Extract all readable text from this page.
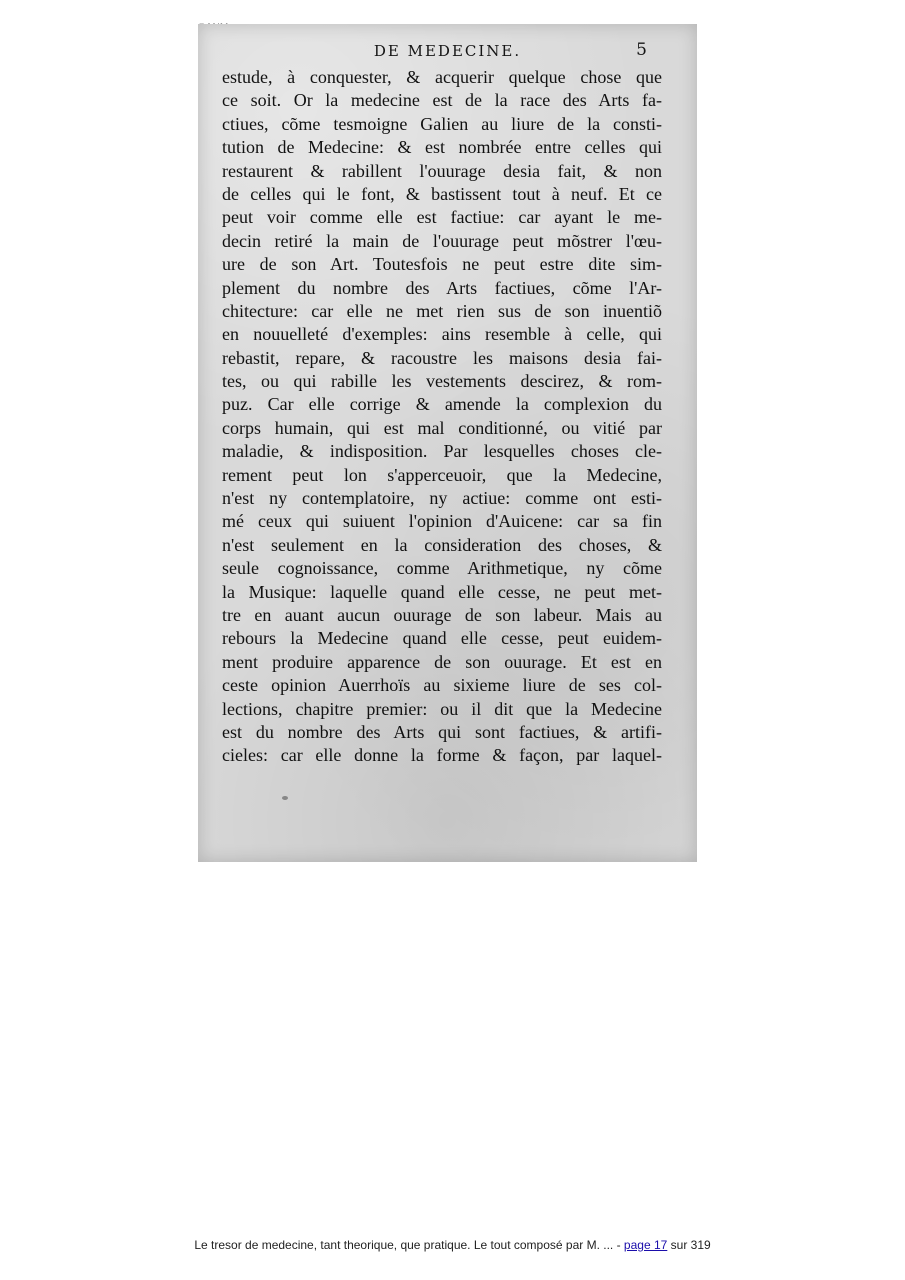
DE MEDECINE.	5
estude, à conquester, & acquerir quelque chose que
ce soit. Or la medecine est de la race des Arts fa-
ctiues, cõme tesmoigne Galien au liure de la consti-
tution de Medecine: & est nombrée entre celles qui
restaurent & rabillent l'ouurage desia fait, & non
de celles qui le font, & bastissent tout à neuf. Et ce
peut voir comme elle est factiue: car ayant le me-
decin retiré la main de l'ouurage peut mõstrer l'œu-
ure de son Art. Toutesfois ne peut estre dite sim-
plement du nombre des Arts factiues, cõme l'Ar-
chitecture: car elle ne met rien sus de son inuentiõ
en nouuelleté d'exemples: ains resemble à celle, qui
rebastit, repare, & racoustre les maisons desia fai-
tes, ou qui rabille les vestements descirez, & rom-
puz. Car elle corrige & amende la complexion du
corps humain, qui est mal conditionné, ou vitié par
maladie, & indisposition. Par lesquelles choses cle-
rement peut lon s'apperceuoir, que la Medecine,
n'est ny contemplatoire, ny actiue: comme ont esti-
mé ceux qui suiuent l'opinion d'Auicene: car sa fin
n'est seulement en la consideration des choses, &
seule cognoissance, comme Arithmetique, ny cõme
la Musique: laquelle quand elle cesse, ne peut met-
tre en auant aucun ouurage de son labeur. Mais au
rebours la Medecine quand elle cesse, peut euidem-
ment produire apparence de son ouurage. Et est en
ceste opinion Auerrhoïs au sixieme liure de ses col-
lections, chapitre premier: ou il dit que la Medecine
est du nombre des Arts qui sont factiues, & artifi-
cieles: car elle donne la forme & façon, par laquel-
Le tresor de medecine, tant theorique, que pratique. Le tout composé par M. ... - page 17 sur 319
